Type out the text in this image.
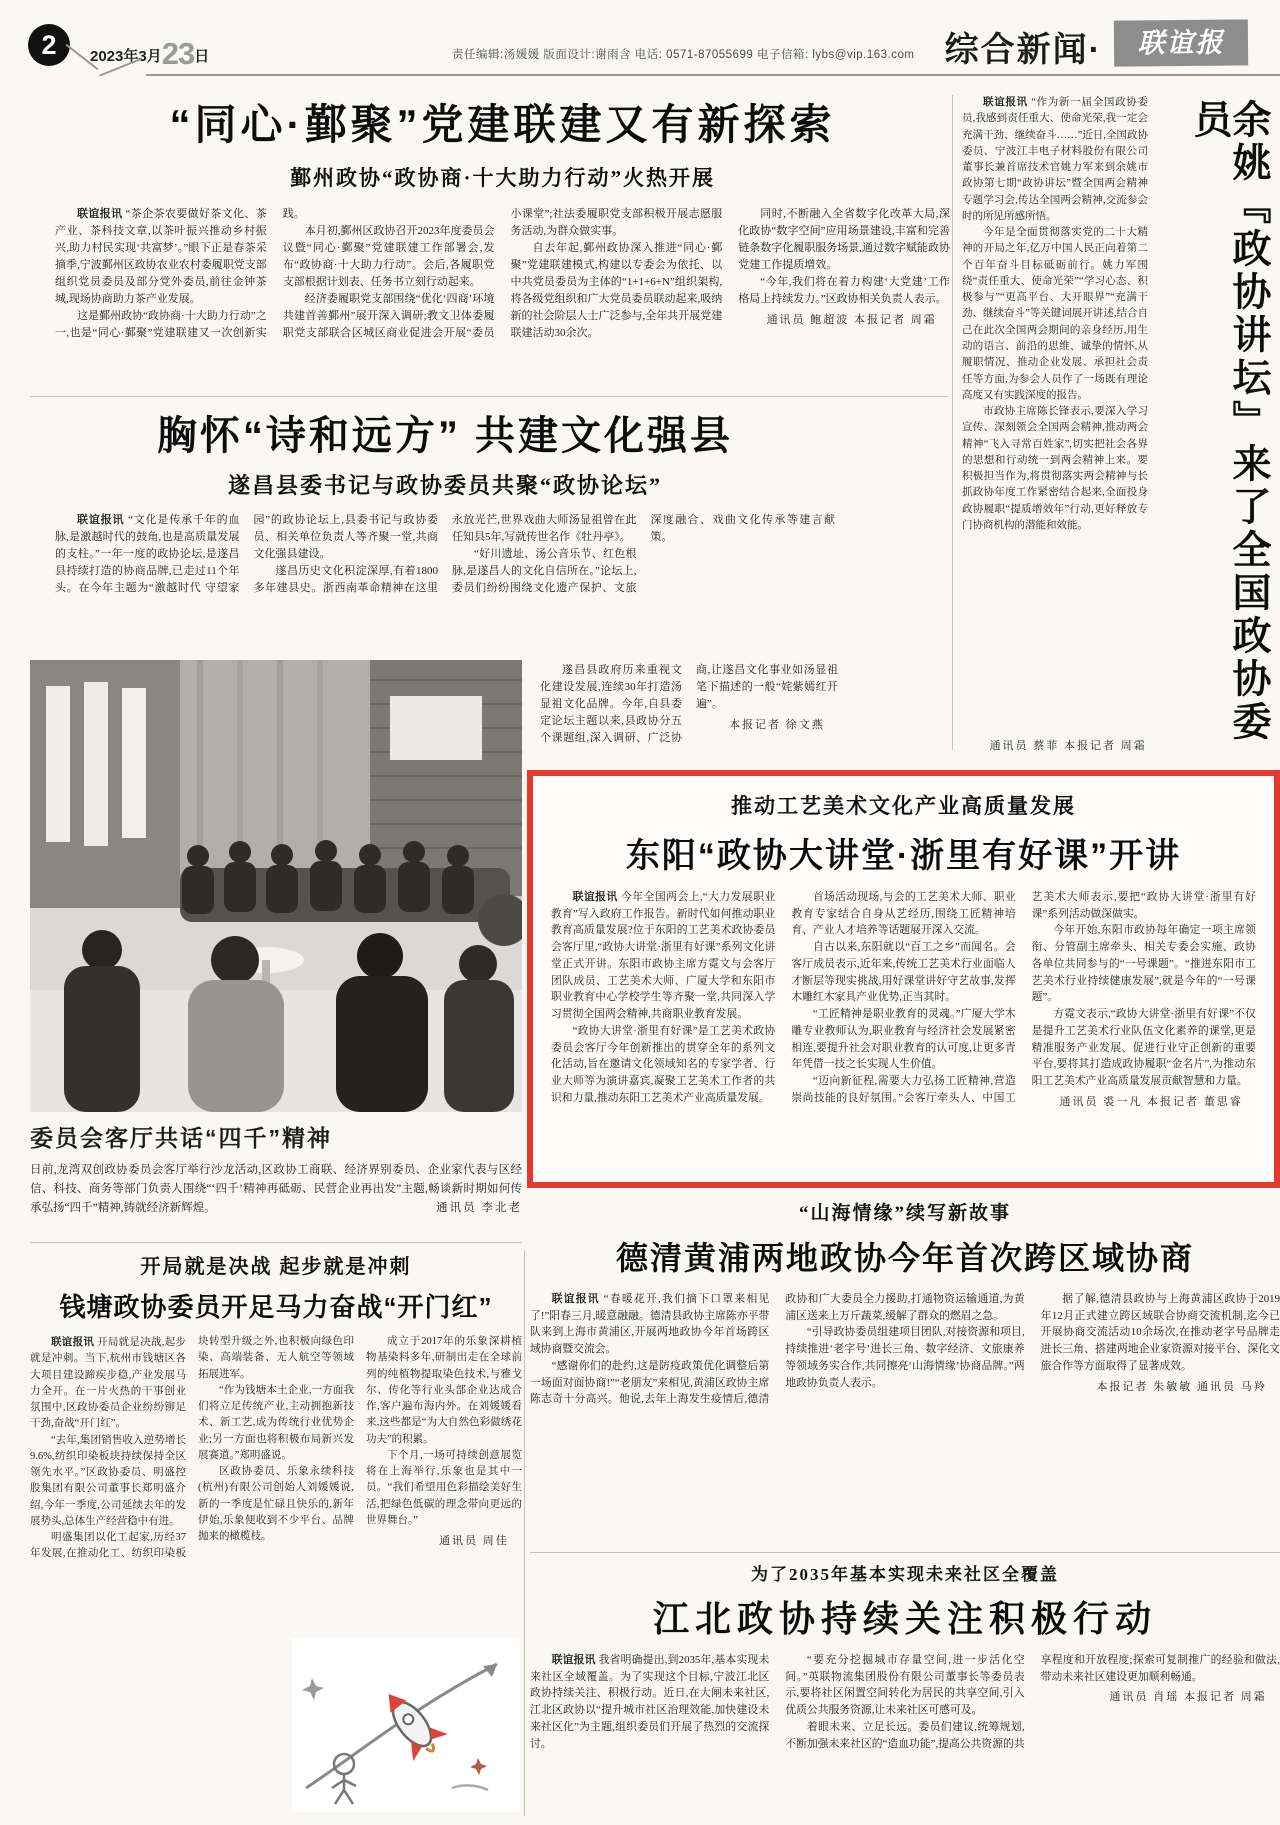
2	2023年3月23日	责任编辑:汤媛媛 版面设计:谢雨含 电话: 0571-87055699 电子信箱: lybs@vip.163.com 综合新闻·	联谊报
“同心·鄞聚”党建联建又有新探索
鄞州政协“政协商·十大助力行动”火热开展

联谊报讯 “茶企茶农要做好茶文化、茶产业、茶科技文章,以茶叶振兴推动乡村振兴,助力村民实现‘共富梦’。”眼下正是春茶采摘季,宁波鄞州区政协农业农村委履职党支部组织党员委员及部分党外委员,前往金钟茶城,现场协商助力茶产业发展。

这是鄞州政协“政协商·十大助力行动”之一,也是“同心·鄞聚”党建联建又一次创新实践。

本月初,鄞州区政协召开2023年度委员会议暨“同心·鄞聚”党建联建工作部署会,发布“政协商·十大助力行动”。会后,各履职党支部根据计划表、任务书立刻行动起来。

经济委履职党支部围绕“优化‘四商’环境 共建首善鄞州”展开深入调研;教文卫体委履职党支部联合区城区商业促进会开展“委员小课堂”;社法委履职党支部积极开展志愿服务活动,为群众做实事。

自去年起,鄞州政协深入推进“同心·鄞聚”党建联建模式,构建以专委会为依托、以中共党员委员为主体的“1+1+6+N”组织架构,将各级党组织和广大党员委员联动起来,吸纳新的社会阶层人士广泛参与,全年共开展党建联建活动30余次。

同时,不断融入全省数字化改革大局,深化政协“数字空间”应用场景建设,丰富和完善链条数字化履职服务场景,通过数字赋能政协党建工作提质增效。

“今年,我们将在着力构建‘大党建’工作格局上持续发力。”区政协相关负责人表示。

通讯员 鲍超波 本报记者 周霜

联谊报讯 “作为新一届全国政协委员,我感到责任重大、使命光荣,我一定会充满干劲、继续奋斗……”近日,全国政协委员、宁波江丰电子材料股份有限公司董事长兼首席技术官姚力军来到余姚市政协第七期“政协讲坛”暨全国两会精神专题学习会,传达全国两会精神,交流参会时的所见所感所悟。

今年是全面贯彻落实党的二十大精神的开局之年,亿万中国人民正向着第二个百年奋斗目标砥砺前行。姚力军围绕“责任重大、使命光荣”“学习心态、积极参与”“更高平台、大开眼界”“充满干劲、继续奋斗”等关键词展开讲述,结合自己在此次全国两会期间的亲身经历,用生动的语言、前沿的思维、诚挚的情怀,从履职情况、推动企业发展、承担社会责任等方面,为参会人员作了一场既有理论高度又有实践深度的报告。

市政协主席陈长锋表示,要深入学习宣传、深刻领会全国两会精神,推动两会精神“飞入寻常百姓家”,切实把社会各界的思想和行动统一到两会精神上来。要积极担当作为,将贯彻落实两会精神与长抓政协年度工作紧密结合起来,全面投身政协履职“提质增效年”行动,更好释放专门协商机构的潜能和效能。

通讯员 蔡菲 本报记者 周霜
余姚『政协讲坛』来了全国政协委员
胸怀“诗和远方” 共建文化强县
遂昌县委书记与政协委员共聚“政协论坛”

联谊报讯 “文化是传承千年的血脉,是激越时代的鼓角,也是高质量发展的支柱。”一年一度的政协论坛,是遂昌县持续打造的协商品牌,已走过11个年头。在今年主题为“激越时代 守望家园”的政协论坛上,县委书记与政协委员、相关单位负责人等齐聚一堂,共商文化强县建设。

遂昌历史文化积淀深厚,有着1800多年建县史。浙西南革命精神在这里永放光芒,世界戏曲大师汤显祖曾在此任知县5年,写就传世名作《牡丹亭》。

“好川遗址、汤公音乐节、红色根脉,是遂昌人的文化自信所在。”论坛上,委员们纷纷围绕文化遗产保护、文旅深度融合、戏曲文化传承等建言献策。

遂昌县政府历来重视文化建设发展,连续30年打造汤显祖文化品牌。今年,自县委定论坛主题以来,县政协分五个课题组,深入调研、广泛协商,让遂昌文化事业如汤显祖笔下描述的一般“姹紫嫣红开遍”。

本报记者 徐文燕

委员会客厅共话“四千”精神
日前,龙湾双创政协委员会客厅举行沙龙活动,区政协工商联、经济界别委员、企业家代表与区经信、科技、商务等部门负责人围绕“‘四千’精神再砥砺、民营企业再出发”主题,畅谈新时期如何传承弘扬“四千”精神,铸就经济新辉煌。	通讯员 李北老
推动工艺美术文化产业高质量发展
东阳“政协大讲堂·浙里有好课”开讲

联谊报讯 今年全国两会上,“大力发展职业教育”写入政府工作报告。新时代如何推动职业教育高质量发展?位于东阳的工艺美术政协委员会客厅里,“政协大讲堂·浙里有好课”系列文化讲堂正式开讲。东阳市政协主席方霓文与会客厅团队成员、工艺美术大师、广厦大学和东阳市职业教育中心学校学生等齐聚一堂,共同深入学习贯彻全国两会精神,共商职业教育发展。

“政协大讲堂·浙里有好课”是工艺美术政协委员会客厅今年创新推出的贯穿全年的系列文化活动,旨在邀请文化领域知名的专家学者、行业大师等为演讲嘉宾,凝聚工艺美术工作者的共识和力量,推动东阳工艺美术产业高质量发展。

首场活动现场,与会的工艺美术大师、职业教育专家结合自身从艺经历,围绕工匠精神培育、产业人才培养等话题展开深入交流。

自古以来,东阳就以“百工之乡”而闻名。会客厅成员表示,近年来,传统工艺美术行业面临人才断层等现实挑战,用好课堂讲好守艺故事,发挥木雕红木家具产业优势,正当其时。

“工匠精神是职业教育的灵魂。”广厦大学木雕专业教师认为,职业教育与经济社会发展紧密相连,要提升社会对职业教育的认可度,让更多青年凭借一技之长实现人生价值。

“迈向新征程,需要大力弘扬工匠精神,营造崇尚技能的良好氛围。”会客厅牵头人、中国工艺美术大师表示,要把“政协大讲堂·浙里有好课”系列活动做深做实。

今年开始,东阳市政协每年确定一项主席领衔、分管副主席牵头、相关专委会实施、政协各单位共同参与的“一号课题”。“推进东阳市工艺美术行业持续健康发展”,就是今年的“一号课题”。

方霓文表示,“政协大讲堂·浙里有好课”不仅是提升工艺美术行业队伍文化素养的课堂,更是精准服务产业发展、促进行业守正创新的重要平台,要将其打造成政协履职“金名片”,为推动东阳工艺美术产业高质量发展贡献智慧和力量。

通讯员 裘一凡 本报记者 董思睿

“山海情缘”续写新故事
德清黄浦两地政协今年首次跨区域协商

联谊报讯 “春暖花开,我们摘下口罩来相见了!”阳春三月,暖意融融。德清县政协主席陈亦平带队来到上海市黄浦区,开展两地政协今年首场跨区域协商暨交流会。

“感谢你们的赴约,这是防疫政策优化调整后第一场面对面协商!”“老朋友”来相见,黄浦区政协主席陈志奇十分高兴。他说,去年上海发生疫情后,德清政协和广大委员全力援助,打通物资运输通道,为黄浦区送来上万斤蔬菜,缓解了群众的燃眉之急。

“引导政协委员组建项目团队,对接资源和项目,持续推进‘老字号’进长三角、数字经济、文旅康养等领域务实合作,共同擦亮‘山海情缘’协商品牌。”两地政协负责人表示。

据了解,德清县政协与上海黄浦区政协于2019年12月正式建立跨区域联合协商交流机制,迄今已开展协商交流活动10余场次,在推动老字号品牌走进长三角、搭建两地企业家资源对接平台、深化文旅合作等方面取得了显著成效。

本报记者 朱敏敏 通讯员 马羚

开局就是决战 起步就是冲刺
钱塘政协委员开足马力奋战“开门红”

联谊报讯 开局就是决战,起步就是冲刺。当下,杭州市钱塘区各大项目建设蹄疾步稳,产业发展马力全开。在一片火热的干事创业氛围中,区政协委员企业纷纷铆足干劲,奋战“开门红”。

“去年,集团销售收入逆势增长9.6%,纺织印染板块持续保持全区领先水平。”区政协委员、明盛控股集团有限公司董事长郑明盛介绍,今年一季度,公司延续去年的发展势头,总体生产经营稳中有进。

明盛集团以化工起家,历经37年发展,在推动化工、纺织印染板块转型升级之外,也积极向绿色印染、高端装备、无人航空等领域拓展进军。

“作为钱塘本土企业,一方面我们将立足传统产业,主动拥抱新技术、新工艺,成为传统行业优势企业;另一方面也将积极布局新兴发展赛道。”郑明盛说。

区政协委员、乐象永续科技(杭州)有限公司创始人刘媛媛说,新的一季度是忙碌且快乐的,新年伊始,乐象便收到不少平台、品牌抛来的橄榄枝。

成立于2017年的乐象深耕植物基染料多年,研制出走在全球前列的纯植物提取染色技术,与雅戈尔、传化等行业头部企业达成合作,客户遍布海内外。在刘媛媛看来,这些都是“为大自然色彩做绣花功夫”的积累。

下个月,一场可持续创意展览将在上海举行,乐象也是其中一员。“我们希望用色彩描绘美好生活,把绿色低碳的理念带向更远的世界舞台。”

通讯员 周佳

为了2035年基本实现未来社区全覆盖
江北政协持续关注积极行动

联谊报讯 我省明确提出,到2035年,基本实现未来社区全域覆盖。为了实现这个目标,宁波江北区政协持续关注、积极行动。近日,在大闸未来社区,江北区政协以“提升城市社区治理效能,加快建设未来社区化”为主题,组织委员们开展了热烈的交流探讨。

“要充分挖掘城市存量空间,进一步活化空间。”英联物流集团股份有限公司董事长等委员表示,要将社区闲置空间转化为居民的共享空间,引入优质公共服务资源,让未来社区可感可及。

着眼未来、立足长远。委员们建议,统筹规划,不断加强未来社区的“造血功能”,提高公共资源的共享程度和开放程度;探索可复制推广的经验和做法,带动未来社区建设更加顺利畅通。

通讯员 肖瑶 本报记者 周霜
